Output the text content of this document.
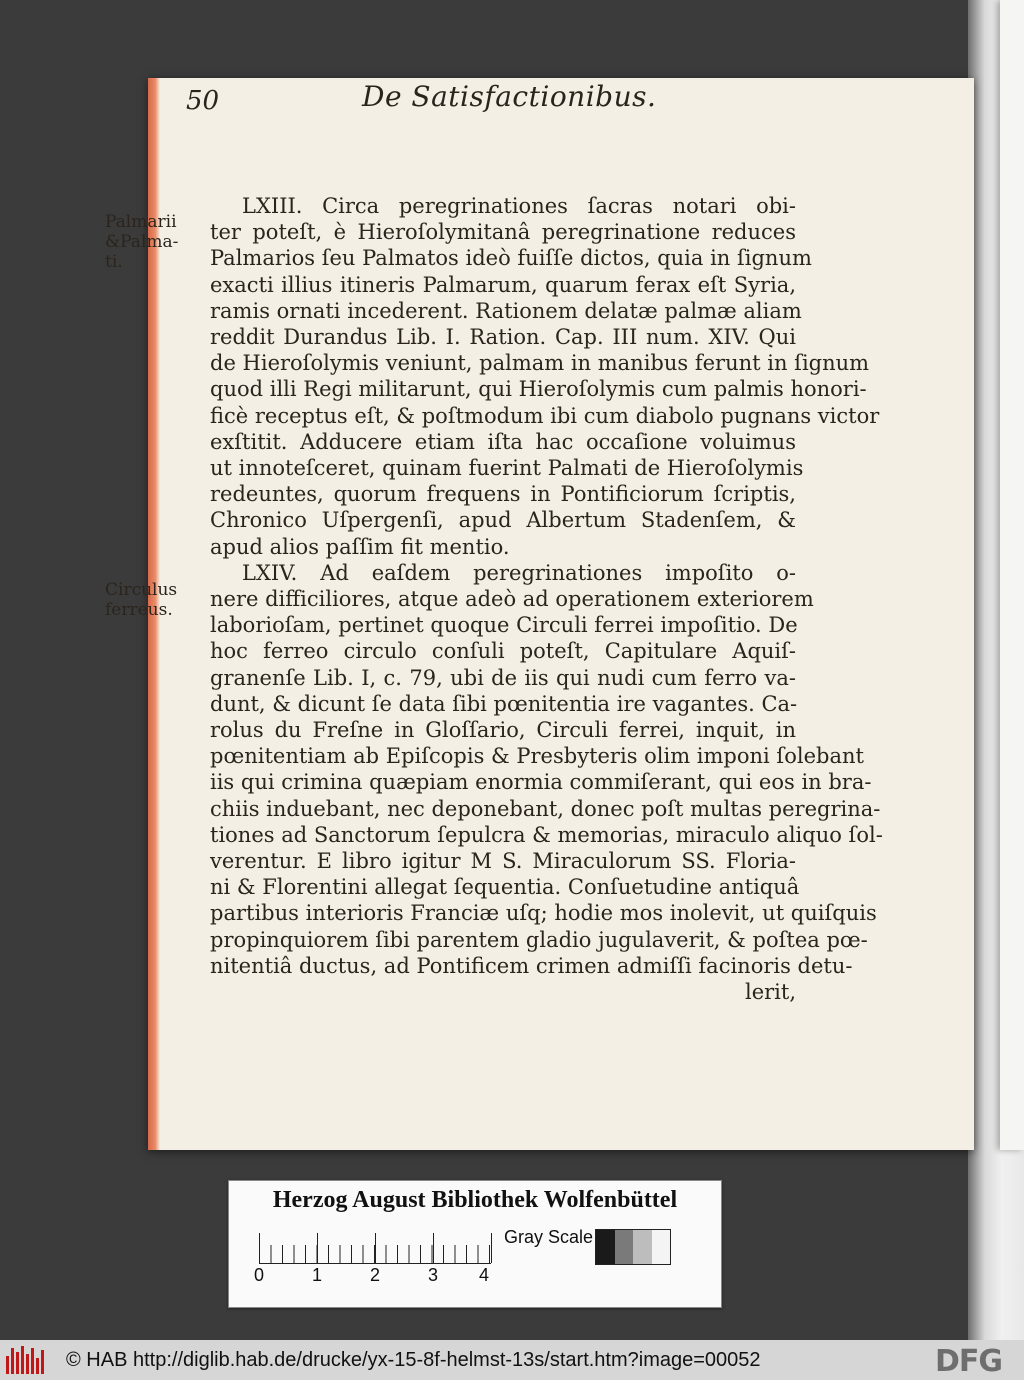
50	De Satisfactionibus.
Palmarii &Palma- ti.
Circulus ferreus.
LXIII. Circa peregrinationes ſacras notari obi-
ter poteſt, è Hieroſolymitanâ peregrinatione reduces
Palmarios ſeu Palmatos ideò fuiſſe dictos, quia in ſignum
exacti illius itineris Palmarum, quarum ferax eſt Syria,
ramis ornati incederent. Rationem delatæ palmæ aliam
reddit Durandus Lib. I. Ration. Cap. III num. XIV. Qui
de Hieroſolymis veniunt, palmam in manibus ferunt in ſignum
quod illi Regi militarunt, qui Hieroſolymis cum palmis honori-
ficè receptus eſt, & poſtmodum ibi cum diabolo pugnans victor
exſtitit. Adducere etiam iſta hac occaſione voluimus
ut innoteſceret, quinam fuerint Palmati de Hieroſolymis
redeuntes, quorum frequens in Pontificiorum ſcriptis,
Chronico Uſpergenſi, apud Albertum Stadenſem, &
apud alios paſſim fit mentio.
LXIV. Ad eaſdem peregrinationes impoſito o-
nere difficiliores, atque adeò ad operationem exteriorem
laborioſam, pertinet quoque Circuli ferrei impoſitio. De
hoc ferreo circulo conſuli poteſt, Capitulare Aquiſ-
granenſe Lib. I, c. 79, ubi de iis qui nudi cum ferro va-
dunt, & dicunt ſe data ſibi pœnitentia ire vagantes. Ca-
rolus du Freſne in Gloſſario, Circuli ferrei, inquit, in
pœnitentiam ab Epiſcopis & Presbyteris olim imponi ſolebant
iis qui crimina quæpiam enormia commiſerant, qui eos in bra-
chiis induebant, nec deponebant, donec poſt multas peregrina-
tiones ad Sanctorum ſepulcra & memorias, miraculo aliquo ſol-
verentur. E libro igitur M S. Miraculorum SS. Floria-
ni & Florentini allegat ſequentia. Conſuetudine antiquâ
partibus interioris Franciæ uſq; hodie mos inolevit, ut quiſquis
propinquiorem ſibi parentem gladio jugulaverit, & poſtea pœ-
nitentiâ ductus, ad Pontificem crimen admiſſi facinoris detu-
lerit,
Herzog August Bibliothek Wolfenbüttel
0	1	2	3 4
Gray Scale
© HAB http://diglib.hab.de/drucke/yx-15-8f-helmst-13s/start.htm?image=00052	DFG
